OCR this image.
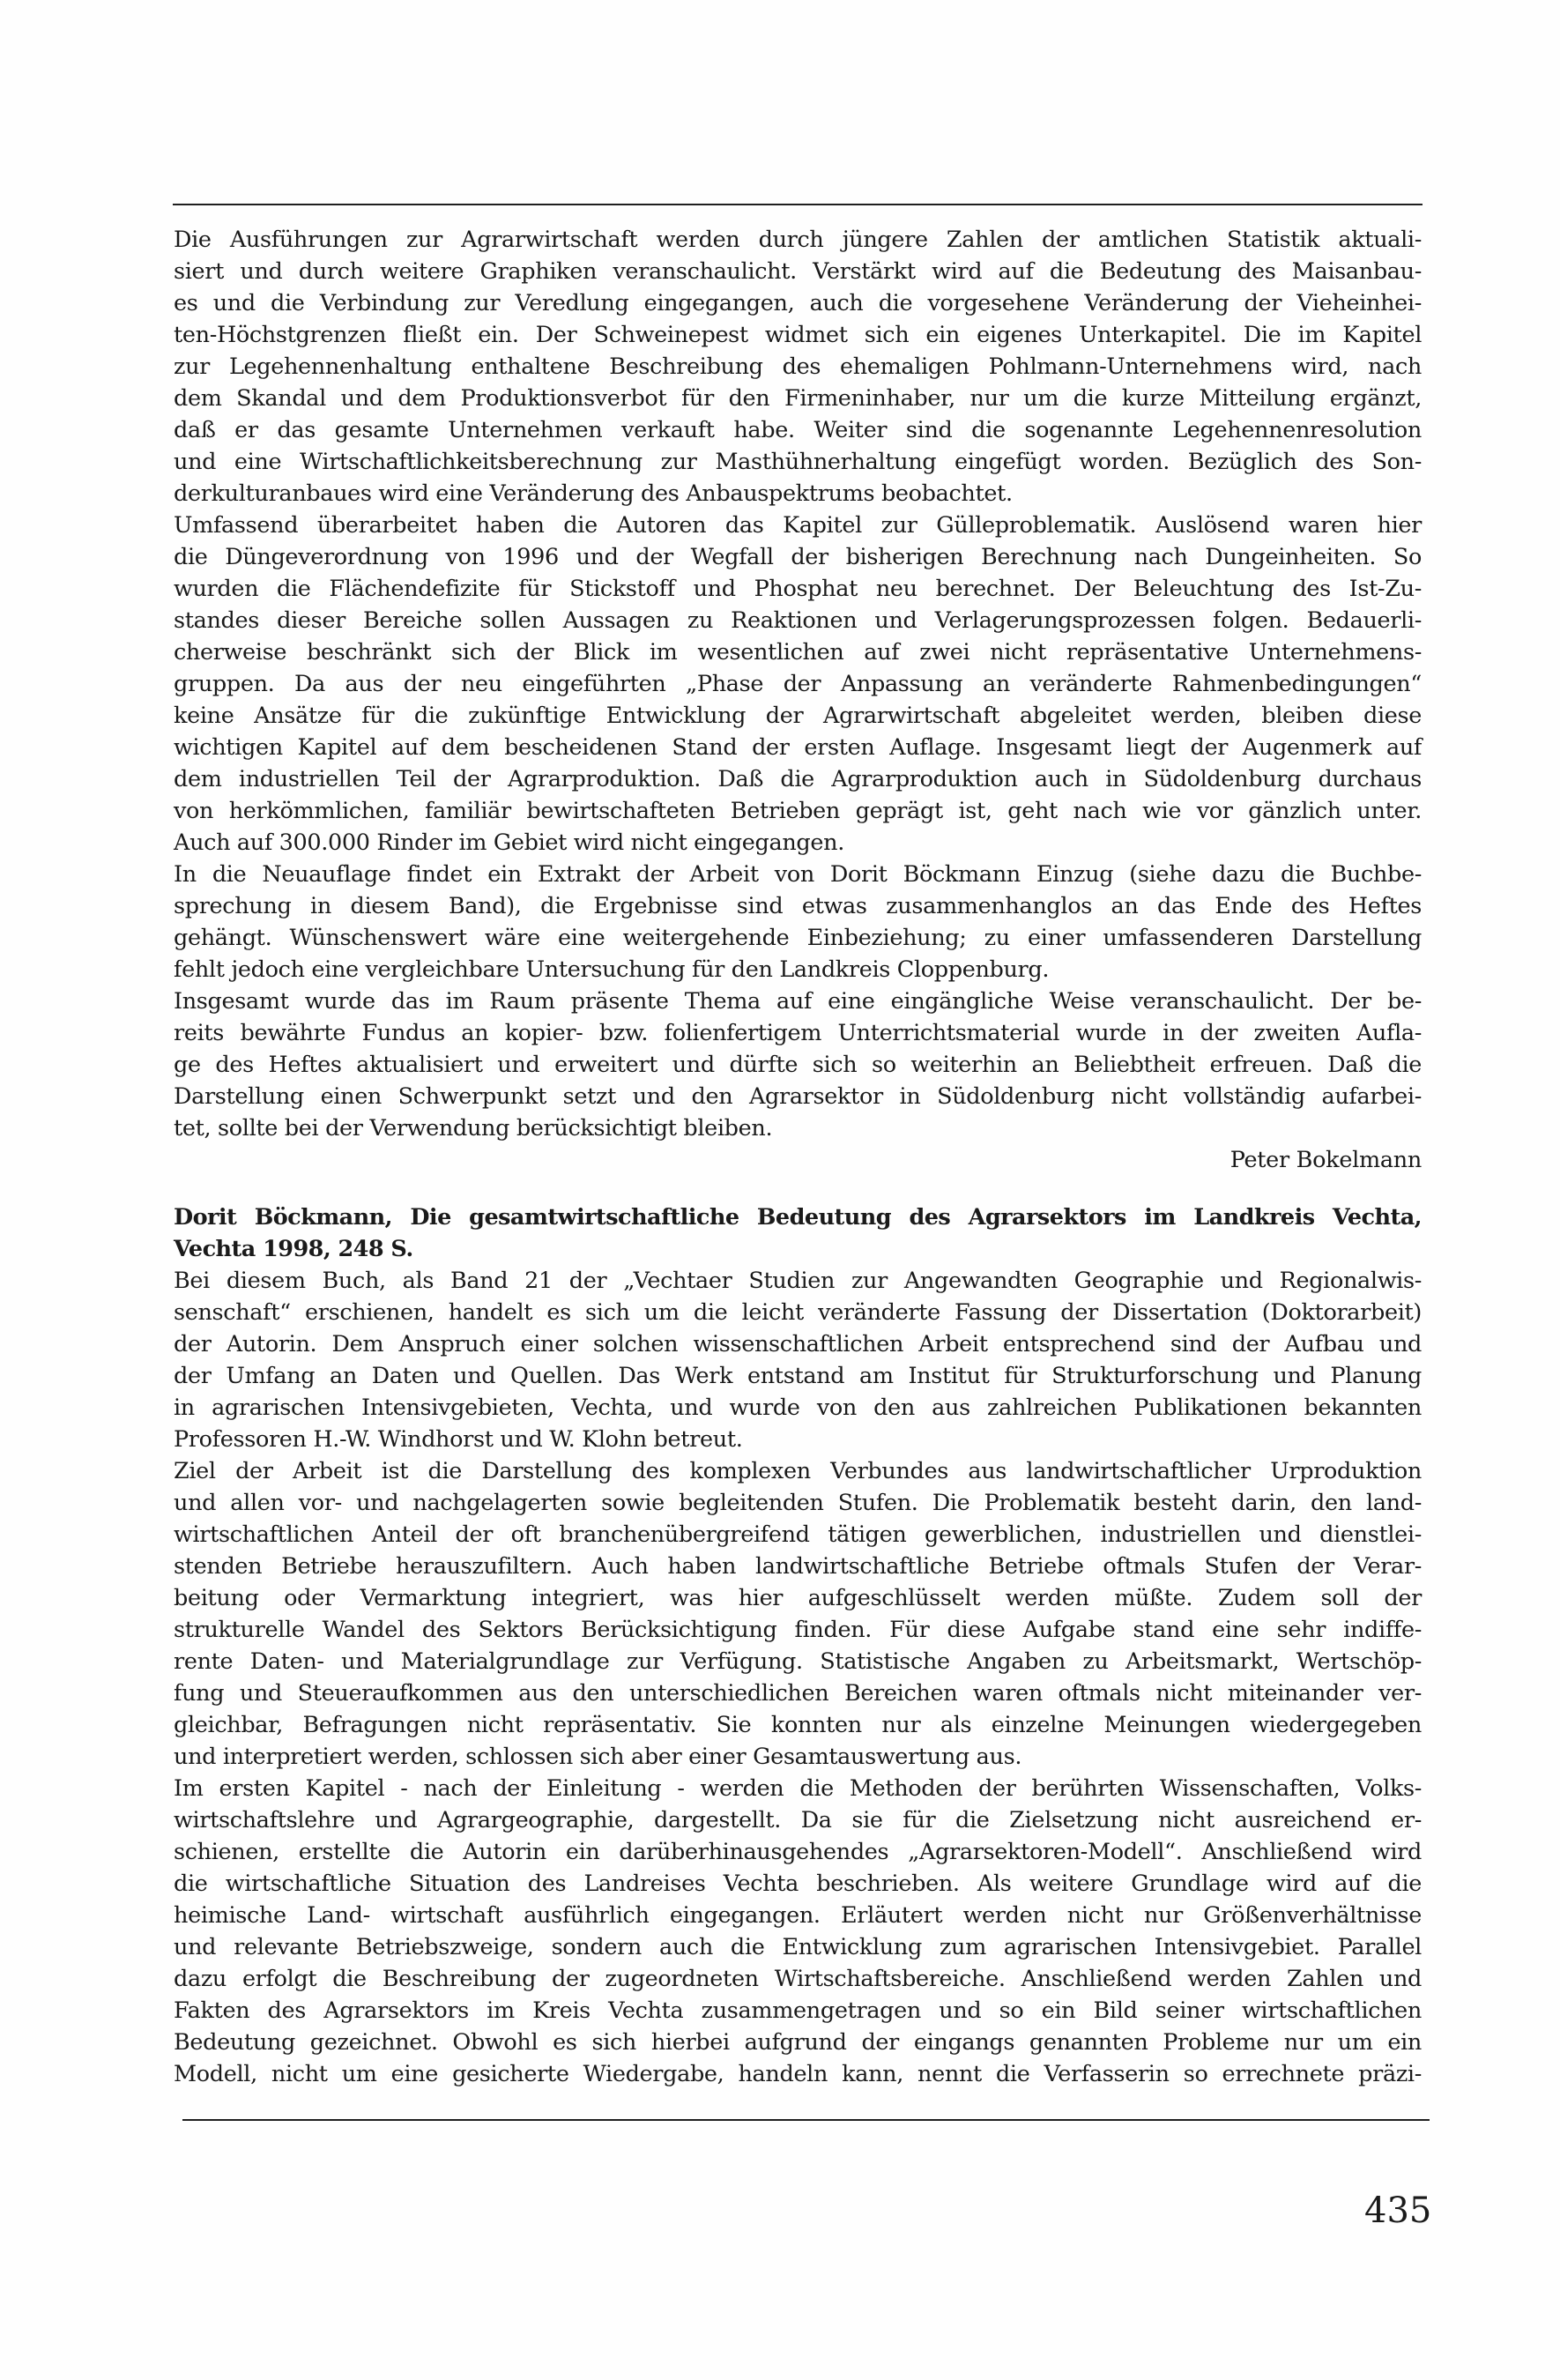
Die Ausführungen zur Agrarwirtschaft werden durch jüngere Zahlen der amtlichen Statistik aktuali-
siert und durch weitere Graphiken veranschaulicht. Verstärkt wird auf die Bedeutung des Maisanbau-
es und die Verbindung zur Veredlung eingegangen, auch die vorgesehene Veränderung der Vieheinhei-
ten-Höchstgrenzen fließt ein. Der Schweinepest widmet sich ein eigenes Unterkapitel. Die im Kapitel
zur Legehennenhaltung enthaltene Beschreibung des ehemaligen Pohlmann-Unternehmens wird, nach
dem Skandal und dem Produktionsverbot für den Firmeninhaber, nur um die kurze Mitteilung ergänzt,
daß er das gesamte Unternehmen verkauft habe. Weiter sind die sogenannte Legehennenresolution
und eine Wirtschaftlichkeitsberechnung zur Masthühnerhaltung eingefügt worden. Bezüglich des Son-
derkulturanbaues wird eine Veränderung des Anbauspektrums beobachtet.
Umfassend überarbeitet haben die Autoren das Kapitel zur Gülleproblematik. Auslösend waren hier
die Düngeverordnung von 1996 und der Wegfall der bisherigen Berechnung nach Dungeinheiten. So
wurden die Flächendefizite für Stickstoff und Phosphat neu berechnet. Der Beleuchtung des Ist-Zu-
standes dieser Bereiche sollen Aussagen zu Reaktionen und Verlagerungsprozessen folgen. Bedauerli-
cherweise beschränkt sich der Blick im wesentlichen auf zwei nicht repräsentative Unternehmens-
gruppen. Da aus der neu eingeführten „Phase der Anpassung an veränderte Rahmenbedingungen“
keine Ansätze für die zukünftige Entwicklung der Agrarwirtschaft abgeleitet werden, bleiben diese
wichtigen Kapitel auf dem bescheidenen Stand der ersten Auflage. Insgesamt liegt der Augenmerk auf
dem industriellen Teil der Agrarproduktion. Daß die Agrarproduktion auch in Südoldenburg durchaus
von herkömmlichen, familiär bewirtschafteten Betrieben geprägt ist, geht nach wie vor gänzlich unter.
Auch auf 300.000 Rinder im Gebiet wird nicht eingegangen.
In die Neuauflage findet ein Extrakt der Arbeit von Dorit Böckmann Einzug (siehe dazu die Buchbe-
sprechung in diesem Band), die Ergebnisse sind etwas zusammenhanglos an das Ende des Heftes
gehängt. Wünschenswert wäre eine weitergehende Einbeziehung; zu einer umfassenderen Darstellung
fehlt jedoch eine vergleichbare Untersuchung für den Landkreis Cloppenburg.
Insgesamt wurde das im Raum präsente Thema auf eine eingängliche Weise veranschaulicht. Der be-
reits bewährte Fundus an kopier- bzw. folienfertigem Unterrichtsmaterial wurde in der zweiten Aufla-
ge des Heftes aktualisiert und erweitert und dürfte sich so weiterhin an Beliebtheit erfreuen. Daß die
Darstellung einen Schwerpunkt setzt und den Agrarsektor in Südoldenburg nicht vollständig aufarbei-
tet, sollte bei der Verwendung berücksichtigt bleiben.
Peter Bokelmann
Dorit Böckmann, Die gesamtwirtschaftliche Bedeutung des Agrarsektors im Landkreis Vechta,
Vechta 1998, 248 S.
Bei diesem Buch, als Band 21 der „Vechtaer Studien zur Angewandten Geographie und Regionalwis-
senschaft“ erschienen, handelt es sich um die leicht veränderte Fassung der Dissertation (Doktorarbeit)
der Autorin. Dem Anspruch einer solchen wissenschaftlichen Arbeit entsprechend sind der Aufbau und
der Umfang an Daten und Quellen. Das Werk entstand am Institut für Strukturforschung und Planung
in agrarischen Intensivgebieten, Vechta, und wurde von den aus zahlreichen Publikationen bekannten
Professoren H.-W. Windhorst und W. Klohn betreut.
Ziel der Arbeit ist die Darstellung des komplexen Verbundes aus landwirtschaftlicher Urproduktion
und allen vor- und nachgelagerten sowie begleitenden Stufen. Die Problematik besteht darin, den land-
wirtschaftlichen Anteil der oft branchenübergreifend tätigen gewerblichen, industriellen und dienstlei-
stenden Betriebe herauszufiltern. Auch haben landwirtschaftliche Betriebe oftmals Stufen der Verar-
beitung oder Vermarktung integriert, was hier aufgeschlüsselt werden müßte. Zudem soll der
strukturelle Wandel des Sektors Berücksichtigung finden. Für diese Aufgabe stand eine sehr indiffe-
rente Daten- und Materialgrundlage zur Verfügung. Statistische Angaben zu Arbeitsmarkt, Wertschöp-
fung und Steueraufkommen aus den unterschiedlichen Bereichen waren oftmals nicht miteinander ver-
gleichbar, Befragungen nicht repräsentativ. Sie konnten nur als einzelne Meinungen wiedergegeben
und interpretiert werden, schlossen sich aber einer Gesamtauswertung aus.
Im ersten Kapitel - nach der Einleitung - werden die Methoden der berührten Wissenschaften, Volks-
wirtschaftslehre und Agrargeographie, dargestellt. Da sie für die Zielsetzung nicht ausreichend er-
schienen, erstellte die Autorin ein darüberhinausgehendes „Agrarsektoren-Modell“. Anschließend wird
die wirtschaftliche Situation des Landreises Vechta beschrieben. Als weitere Grundlage wird auf die
heimische Land- wirtschaft ausführlich eingegangen. Erläutert werden nicht nur Größenverhältnisse
und relevante Betriebszweige, sondern auch die Entwicklung zum agrarischen Intensivgebiet. Parallel
dazu erfolgt die Beschreibung der zugeordneten Wirtschaftsbereiche. Anschließend werden Zahlen und
Fakten des Agrarsektors im Kreis Vechta zusammengetragen und so ein Bild seiner wirtschaftlichen
Bedeutung gezeichnet. Obwohl es sich hierbei aufgrund der eingangs genannten Probleme nur um ein
Modell, nicht um eine gesicherte Wiedergabe, handeln kann, nennt die Verfasserin so errechnete präzi-
435
